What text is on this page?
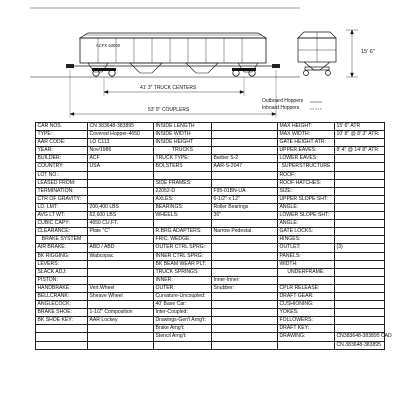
ACFX 63000
41' 3" TRUCK CENTERS
53' 9" COUPLERS
15' 6"
Outboard Hoppers
Inboard Hoppers
CAR NOS.	CN 383648-383895	INSIDE LENGTH		MAX HEIGHT:	15' 6" ATR
TYPE:	Covered Hopper-4650	INSIDE WIDTH		MAX WIDTH:	10' 8" @ 8' 3" ATR.
AAR CODE:	LO C113	INSIDE HEIGHT		GATE HEIGHT ATR:	
YEAR:	Nov/1986	TRUCKS		UPPER EAVES:	8' 4" @ 14' 8" ATR
BUILDER:	ACF	TRUCK TYPE:	Barber S-2	LOWER EAVES:	
COUNTRY:	USA	BOLSTERS	AAR-S-2047	SUPERSTRUCTURE	
LOT NO.:				ROOF:	
LEASED FROM:		SIDE FRAMES:		ROOF HATCHES:	
TERMINATION:		22052-D	F95-01BN-UA	SIZE:	
CTR OF GRAVITY:		AXLES:	6-1/2" x 12"	UPPER SLOPE SHT:	
LD. LMT:	200,400 LBS	BEARINGS:	Roller Bearings	ANGLE:	
AVG LT WT:	62,600 LBS	WHEELS:	36"	LOWER SLOPE SHT:	
CUBIC CAPY:	4650 CU.FT.			ANGLE:	
CLEARANCE:	Plate "C"	R.BRG ADAPTERS:	Narrow Pedestal	GATE LOCKS:	
BRAKE SYSTEM		FRIC. WEDGE:		HINGES:	
AIR BRAKE:	ABD / ABD	OUTER CTRL SPRG:		OUTLET:	(3)
BK RIGGING:	Wabcopac	INNER CTRL SPRG:		PANELS:	
LEVERS:		BK BEAM WEAR PLT:		WIDTH:	
SLACK ADJ:		TRUCK SPRINGS:		UNDERFRAME:	
PISTON:		INNER:	Inner-Inner:		
HANDBRAKE:	Vert.Wheel	OUTER:	Snubber:	CPLR RELEASE:	
BELLCRANK:	Sheave Wheel	Curvature-Uncoupled:		DRAFT GEAR:	
ANGLECOCK:		40' Base Car:		CUSHIONING:	
BRAKE SHOE:	1-1/2" Composition	Inter-Coupled:		YOKES:	
BK SHOE KEY:	AAR Lockey	Drawings-Gen'l Arng't:		FOLLOWERS:	
		Brake Arng't:		DRAFT KEY:	
		Stencil Arng't:		DRAWING:	CN383648-383895 CAD
					CN 383648-383895
